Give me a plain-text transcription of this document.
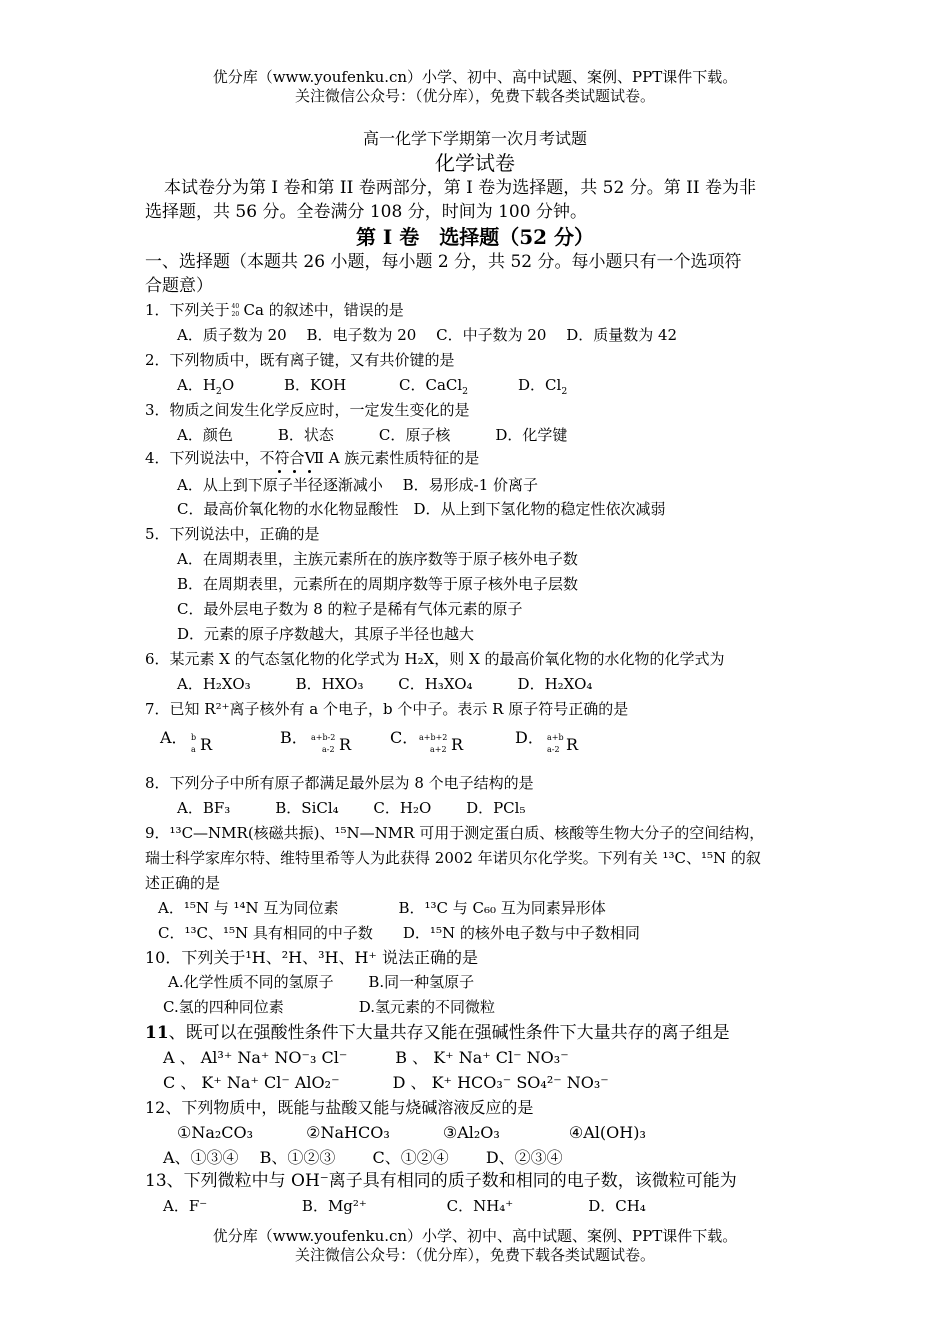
优分库（www.youfenku.cn）小学、初中、高中试题、案例、PPT课件下载。
关注微信公众号：（优分库），免费下载各类试题试卷。
高一化学下学期第一次月考试题
化学试卷
本试卷分为第 I 卷和第 II 卷两部分，第 I 卷为选择题，共 52 分。第 II 卷为非
选择题，共 56 分。全卷满分 108 分，时间为 100 分钟。
第 I 卷　选择题（52 分）
一、选择题（本题共 26 小题，每小题 2 分，共 52 分。每小题只有一个选项符
合题意）
1．下列关于 40
20 Ca 的叙述中，错误的是
A．质子数为 20　 B．电子数为 20　 C．中子数为 20　 D．质量数为 42
2．下列物质中，既有离子键，又有共价键的是
A．$H_2O$	B．KOH	C．CaCl$_2$	D．$Cl_2$
3．物质之间发生化学反应时，一定发生变化的是
A．颜色　　　B．状态　　　C．原子核　　　D．化学键
4．下列说法中，不符合Ⅶ A 族元素性质特征的是
A．从上到下原子半径逐渐减小　 B．易形成-1 价离子
C．最高价氧化物的水化物显酸性　D．从上到下氢化物的稳定性依次减弱
5．下列说法中，正确的是
A．在周期表里，主族元素所在的族序数等于原子核外电子数
B．在周期表里，元素所在的周期序数等于原子核外电子层数
C．最外层电子数为 8 的粒子是稀有气体元素的原子
D．元素的原子序数越大，其原子半径也越大
6．某元素 X 的气态氢化物的化学式为 H₂X，则 X 的最高价氧化物的水化物的化学式为
A．H₂XO₃　　　B．HXO₃　　 C．H₃XO₄　　　D．H₂XO₄
7．已知 R²⁺离子核外有 a 个电子，b 个中子。表示 R 原子符号正确的是
A． b
a R	B． a+b-2
a-2 R C． a+b+2
a+2 R	D． a+b
a-2 R
8．下列分子中所有原子都满足最外层为 8 个电子结构的是
A．BF₃　　　B．SiCl₄　　 C．H₂O　　 D．PCl₅
9．¹³C—NMR(核磁共振)、¹⁵N—NMR 可用于测定蛋白质、核酸等生物大分子的空间结构，
瑞士科学家库尔特、维特里希等人为此获得 2002 年诺贝尔化学奖。下列有关 ¹³C、¹⁵N 的叙
述正确的是
A．¹⁵N 与 ¹⁴N 互为同位素　　　　B．¹³C 与 C₆₀ 互为同素异形体
C．¹³C、¹⁵N 具有相同的中子数　　D．¹⁵N 的核外电子数与中子数相同
10．下列关于¹H、²H、³H、H⁺ 说法正确的是
A.化学性质不同的氢原子　　 B.同一种氢原子
C.氢的四种同位素　　　　　D.氢元素的不同微粒
11、既可以在强酸性条件下大量共存又能在强碱性条件下大量共存的离子组是
A 、 Al³⁺ Na⁺ NO⁻₃ Cl⁻　　　B 、 K⁺ Na⁺ Cl⁻ NO₃⁻
C 、 K⁺ Na⁺ Cl⁻ AlO₂⁻　　　 D 、 K⁺ HCO₃⁻ SO₄²⁻ NO₃⁻
12、下列物质中，既能与盐酸又能与烧碱溶液反应的是
①Na₂CO₃　　　 ②NaHCO₃　　　 ③Al₂O₃　　　　 ④Al(OH)₃
A、①③④　 B、①②③　　 C、①②④　　 D、②③④
13、下列微粒中与 OH⁻离子具有相同的质子数和相同的电子数，该微粒可能为
A．F⁻　　　　　　 B．Mg²⁺　　　　　 C．NH₄⁺　　　　　D．CH₄
优分库（www.youfenku.cn）小学、初中、高中试题、案例、PPT课件下载。
关注微信公众号：（优分库），免费下载各类试题试卷。
